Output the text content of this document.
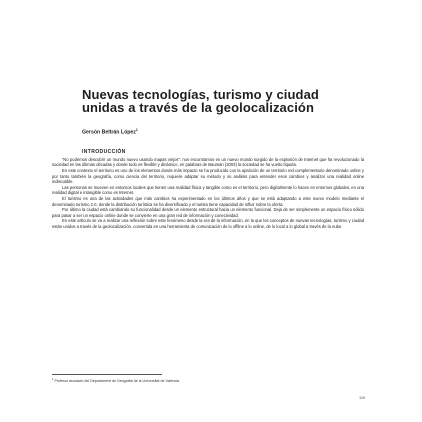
Nuevas tecnologías, turismo y ciudad
unidas a través de la geolocalización
Gersón Beltrán López$^1$
INTRODUCCIÓN

“No podemos descubrir un mundo nuevo usando mapas viejos”: nos encontramos en un nuevo mundo surgido de la explosión de Internet que ha revolucionado la sociedad en las últimas décadas y donde todo es flexible y dinámico, en palabras de Bauman (2003) la sociedad se ha vuelto líquida.

En este contexto el territorio es uno de los elementos donde más impacto se ha producido con la aparición de un territorio red complementario denominado online y por tanto también la geografía, como ciencia del territorio, requiere adaptar su método y su análisis para entender esos cambios y analizar una realidad online indiscutible.

Las personas se mueven en entornos locales que tienen una realidad física y tangible como es el territorio, pero digitalmente lo hacen en entornos globales, en una realidad digital e intangible como es Internet.

El turismo es una de las actividades que más cambios ha experimentado en los últimos años y que se está adaptando a este nuevo modelo mediante el denominado turismo 2.0, donde la distribución turística se ha diversificado y el turista tiene capacidad de influir sobre la oferta.

Por último la ciudad está cambiando su funcionalidad desde un elemento estructural hacia un elemento funcional. Deja de ser simplemente un espacio físico sólido para pasar a ser un espacio online donde se convierte en una gran red de información y conectividad.

En este artículo se va a realizar una reflexión sobre este fenómeno desde la era de la información, en la que los conceptos de nuevas tecnologías, turismo y ciudad están unidos a través de la geolocalización, convertida en una herramienta de comunicación de lo offline a lo online, de lo local a lo global a través de la nube.

$^1$ Profesor asociado del Departament de Geografia de la Universitat de València.
119
